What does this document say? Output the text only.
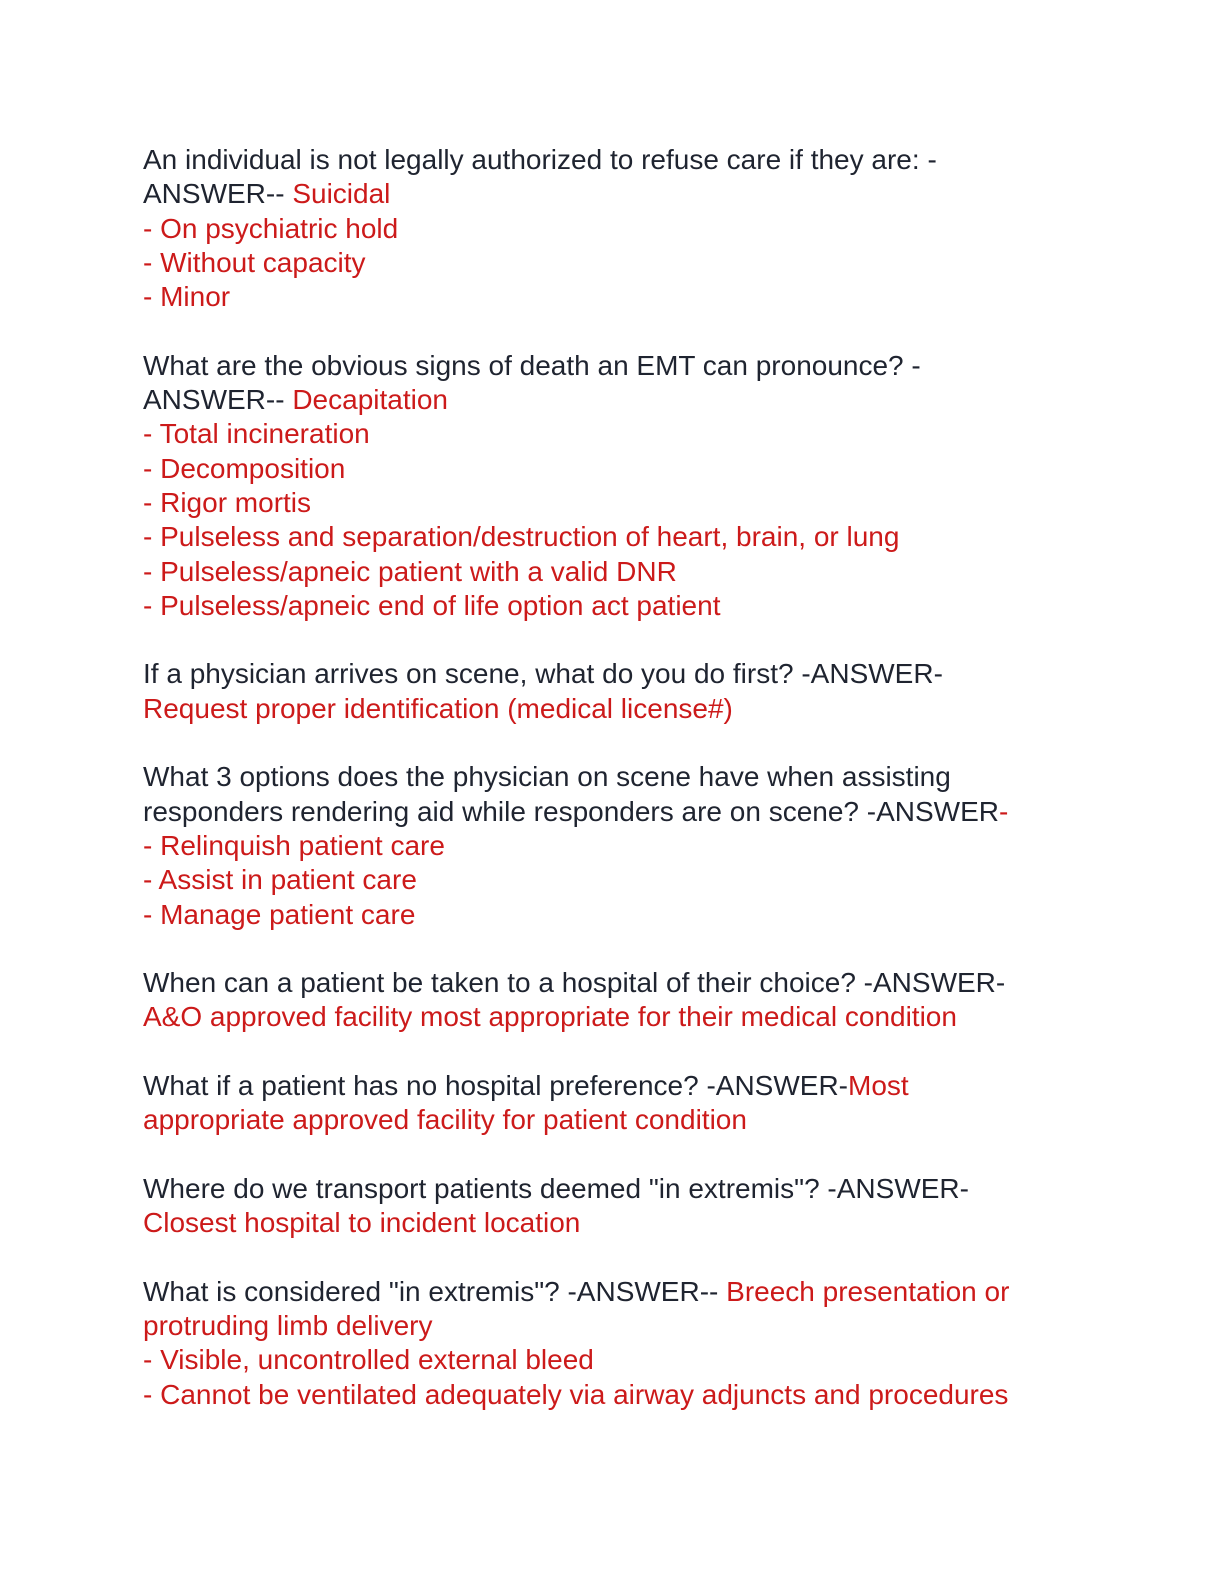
An individual is not legally authorized to refuse care if they are: -
ANSWER-- Suicidal
- On psychiatric hold
- Without capacity
- Minor
What are the obvious signs of death an EMT can pronounce? -
ANSWER-- Decapitation
- Total incineration
- Decomposition
- Rigor mortis
- Pulseless and separation/destruction of heart, brain, or lung
- Pulseless/apneic patient with a valid DNR
- Pulseless/apneic end of life option act patient
If a physician arrives on scene, what do you do first? -ANSWER-
Request proper identification (medical license#)
What 3 options does the physician on scene have when assisting
responders rendering aid while responders are on scene? -ANSWER-
- Relinquish patient care
- Assist in patient care
- Manage patient care
When can a patient be taken to a hospital of their choice? -ANSWER-
A&O approved facility most appropriate for their medical condition
What if a patient has no hospital preference? -ANSWER-Most
appropriate approved facility for patient condition
Where do we transport patients deemed "in extremis"? -ANSWER-
Closest hospital to incident location
What is considered "in extremis"? -ANSWER-- Breech presentation or
protruding limb delivery
- Visible, uncontrolled external bleed
- Cannot be ventilated adequately via airway adjuncts and procedures
